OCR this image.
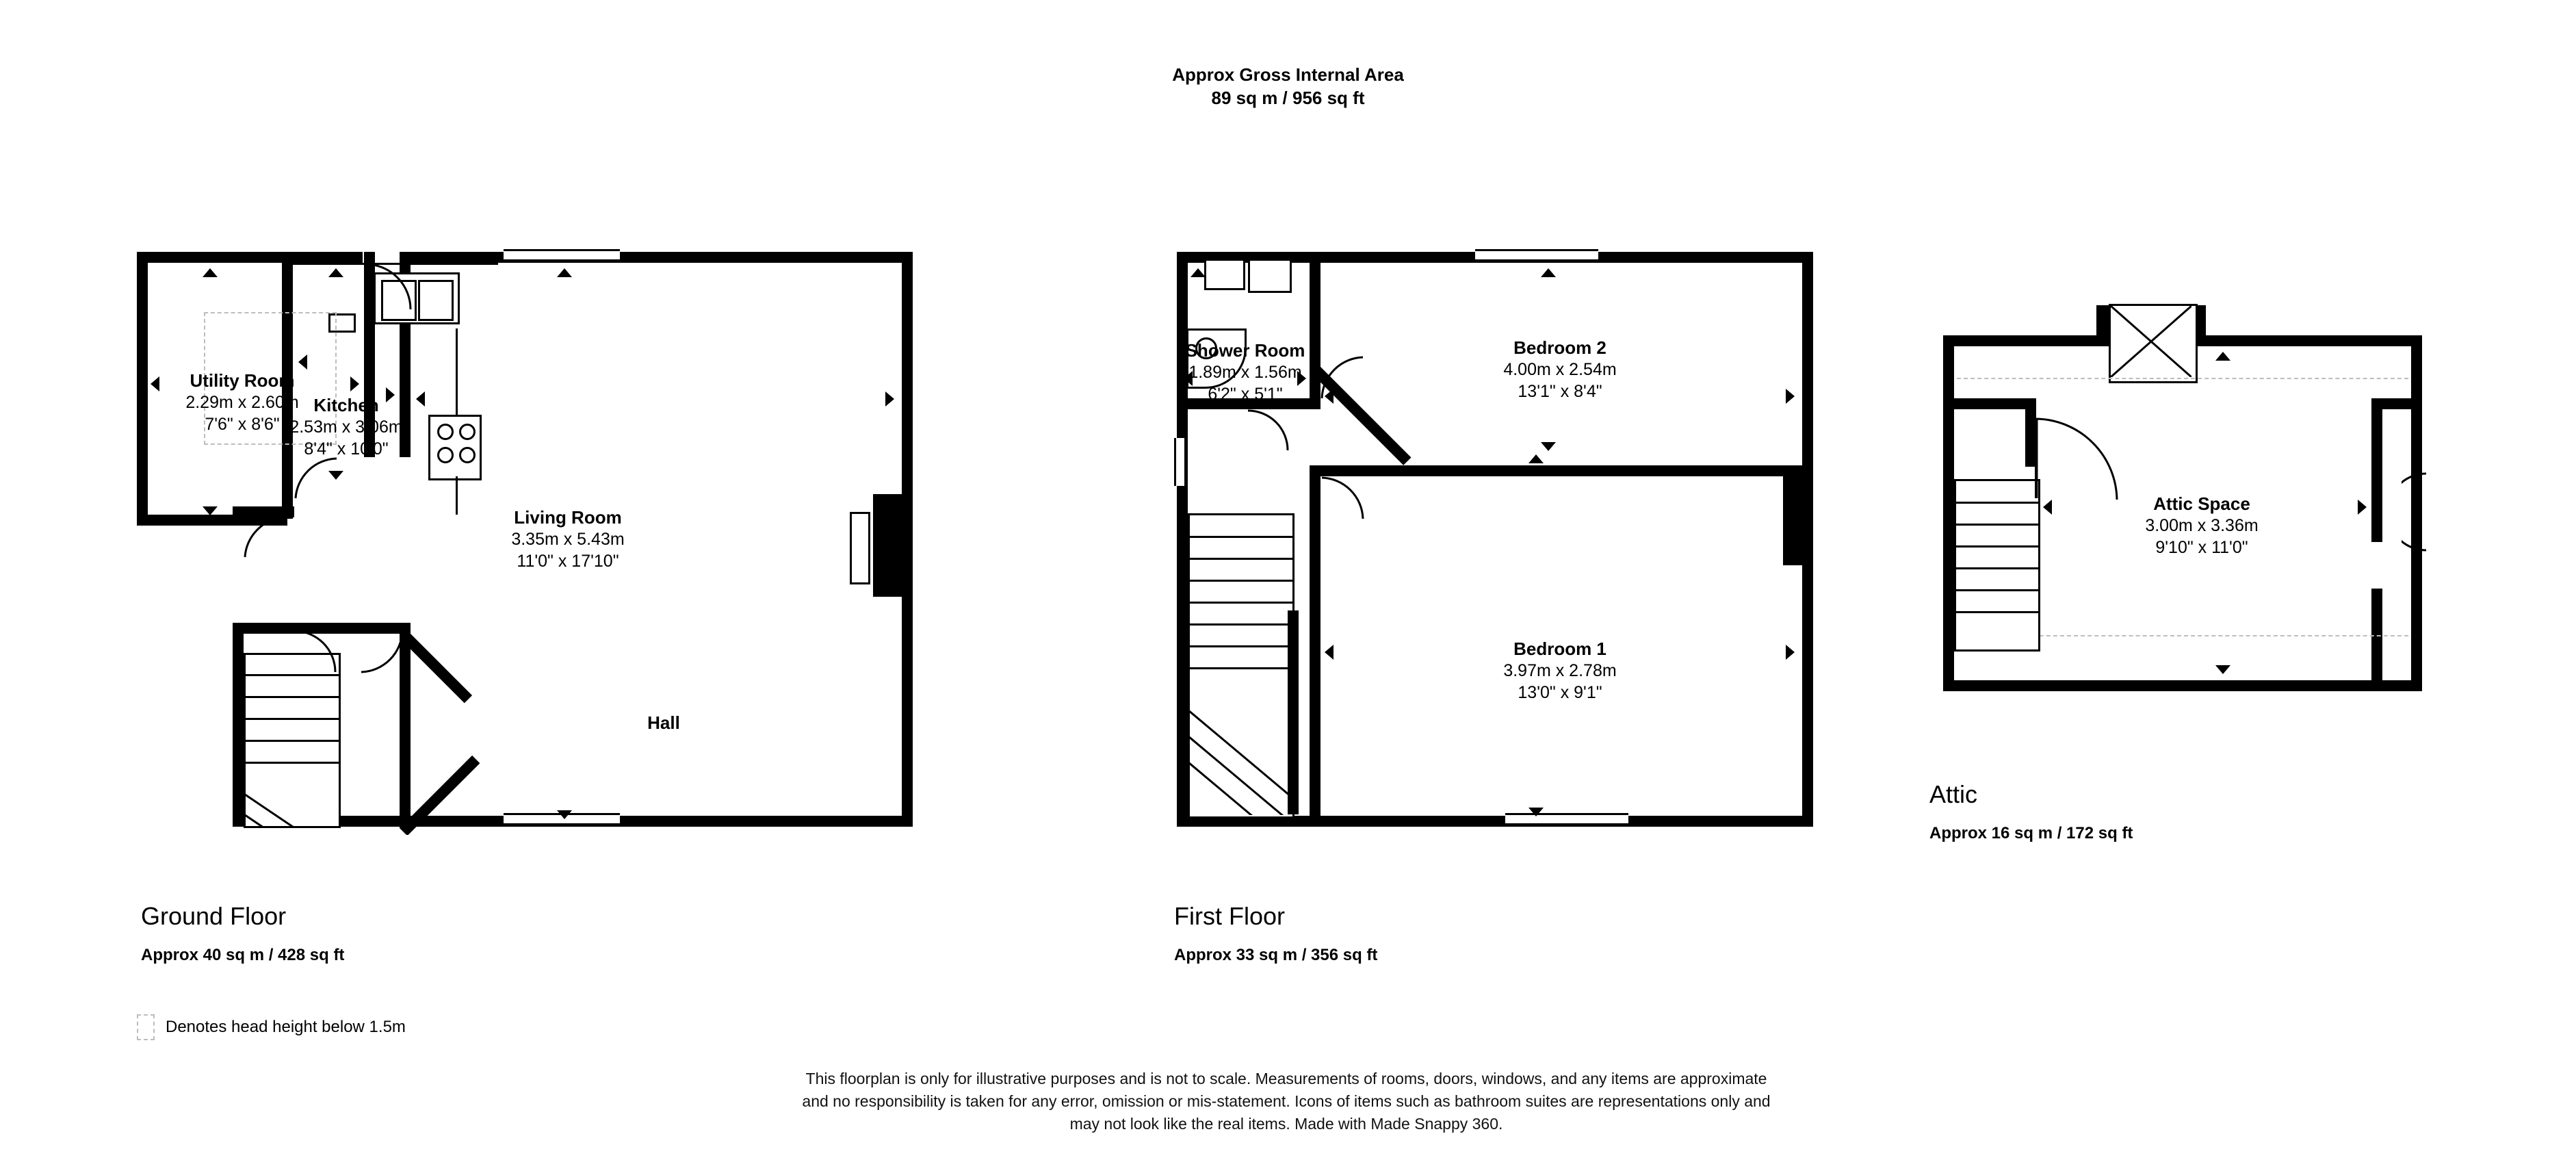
Approx Gross Internal Area
89 sq m / 956 sq ft
Utility Room
2.29m x 2.60m
7'6" x 8'6"
Kitchen
2.53m x 3.06m
8'4" x 10'0"
Living Room
3.35m x 5.43m
11'0" x 17'10"
Hall
Ground Floor
Approx 40 sq m / 428 sq ft
Shower Room
1.89m x 1.56m
6'2" x 5'1"
Bedroom 2
4.00m x 2.54m
13'1" x 8'4"
Bedroom 1
3.97m x 2.78m
13'0" x 9'1"
First Floor
Approx 33 sq m / 356 sq ft
Attic Space
3.00m x 3.36m
9'10" x 11'0"
Attic
Approx 16 sq m / 172 sq ft
Denotes head height below 1.5m
This floorplan is only for illustrative purposes and is not to scale. Measurements of rooms, doors, windows, and any items are approximate
and no responsibility is taken for any error, omission or mis-statement. Icons of items such as bathroom suites are representations only and
may not look like the real items. Made with Made Snappy 360.
